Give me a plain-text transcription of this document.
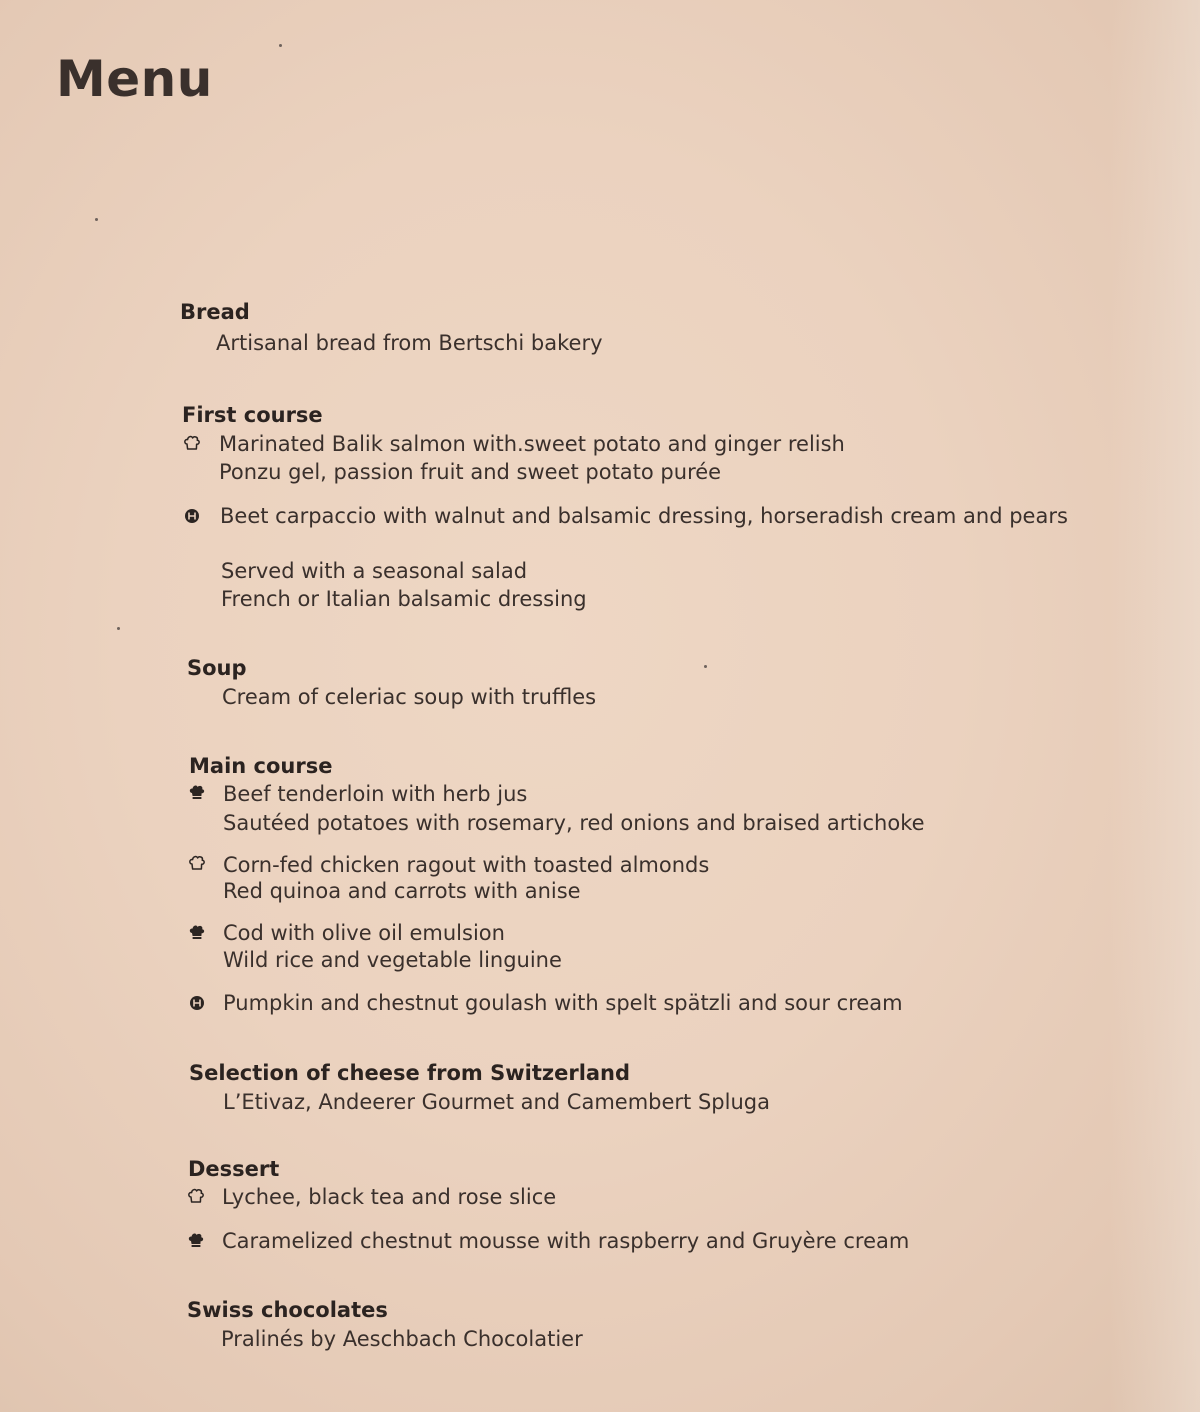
Menu
Bread
Artisanal bread from Bertschi bakery
First course
Marinated Balik salmon with.sweet potato and ginger relish
Ponzu gel, passion fruit and sweet potato purée
Beet carpaccio with walnut and balsamic dressing, horseradish cream and pears
Served with a seasonal salad
French or Italian balsamic dressing
Soup
Cream of celeriac soup with truffles
Main course
Beef tenderloin with herb jus
Sautéed potatoes with rosemary, red onions and braised artichoke
Corn-fed chicken ragout with toasted almonds
Red quinoa and carrots with anise
Cod with olive oil emulsion
Wild rice and vegetable linguine
Pumpkin and chestnut goulash with spelt spätzli and sour cream
Selection of cheese from Switzerland
L’Etivaz, Andeerer Gourmet and Camembert Spluga
Dessert
Lychee, black tea and rose slice
Caramelized chestnut mousse with raspberry and Gruyère cream
Swiss chocolates
Pralinés by Aeschbach Chocolatier
